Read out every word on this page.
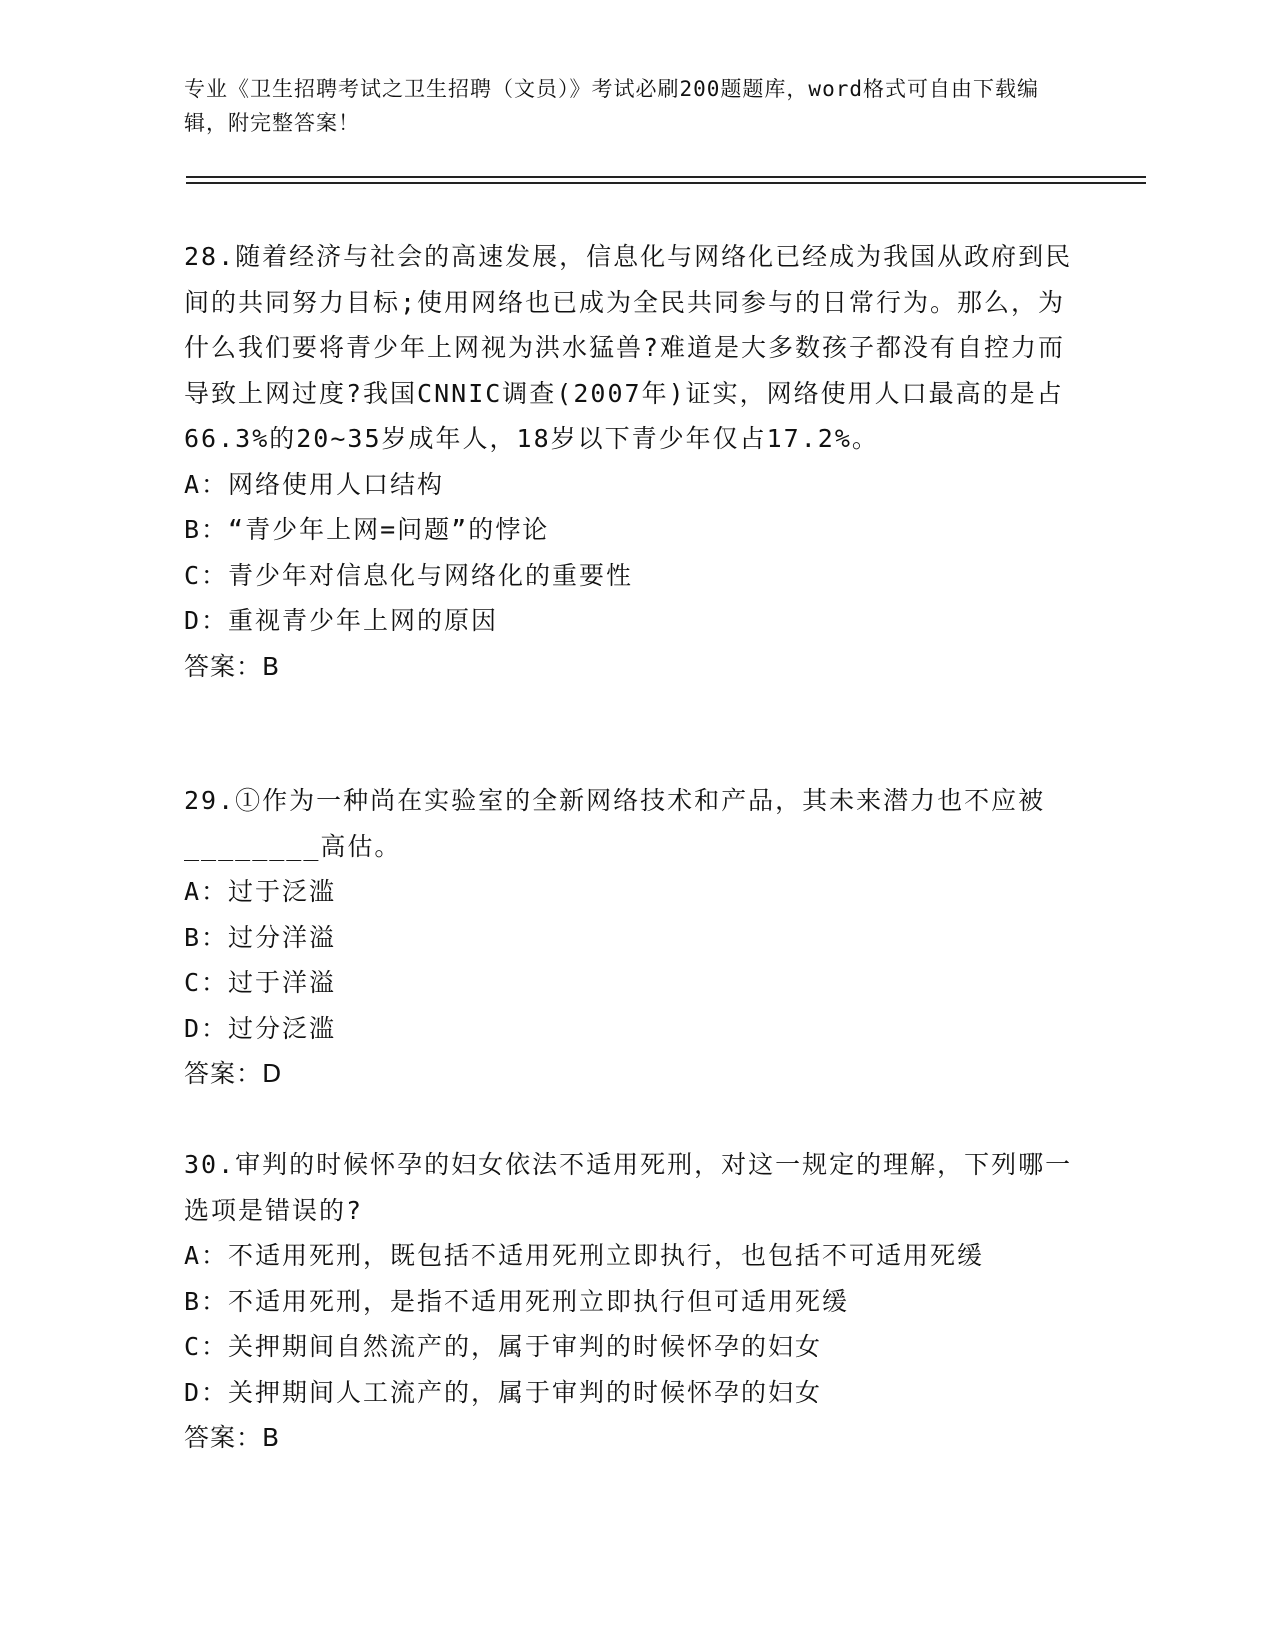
专业《卫生招聘考试之卫生招聘（文员）》考试必刷200题题库，word格式可自由下载编辑，附完整答案！

28.随着经济与社会的高速发展，信息化与网络化已经成为我国从政府到民间的共同努力目标;使用网络也已成为全民共同参与的日常行为。那么，为什么我们要将青少年上网视为洪水猛兽?难道是大多数孩子都没有自控力而导致上网过度?我国CNNIC调查(2007年)证实，网络使用人口最高的是占66.3%的20~35岁成年人，18岁以下青少年仅占17.2%。

A：网络使用人口结构

B：“青少年上网=问题”的悖论

C：青少年对信息化与网络化的重要性

D：重视青少年上网的原因

答案：B

29.①作为一种尚在实验室的全新网络技术和产品，其未来潜力也不应被________高估。

A：过于泛滥

B：过分洋溢

C：过于洋溢

D：过分泛滥

答案：D

30.审判的时候怀孕的妇女依法不适用死刑，对这一规定的理解，下列哪一选项是错误的?

A：不适用死刑，既包括不适用死刑立即执行，也包括不可适用死缓

B：不适用死刑，是指不适用死刑立即执行但可适用死缓

C：关押期间自然流产的，属于审判的时候怀孕的妇女

D：关押期间人工流产的，属于审判的时候怀孕的妇女

答案：B
